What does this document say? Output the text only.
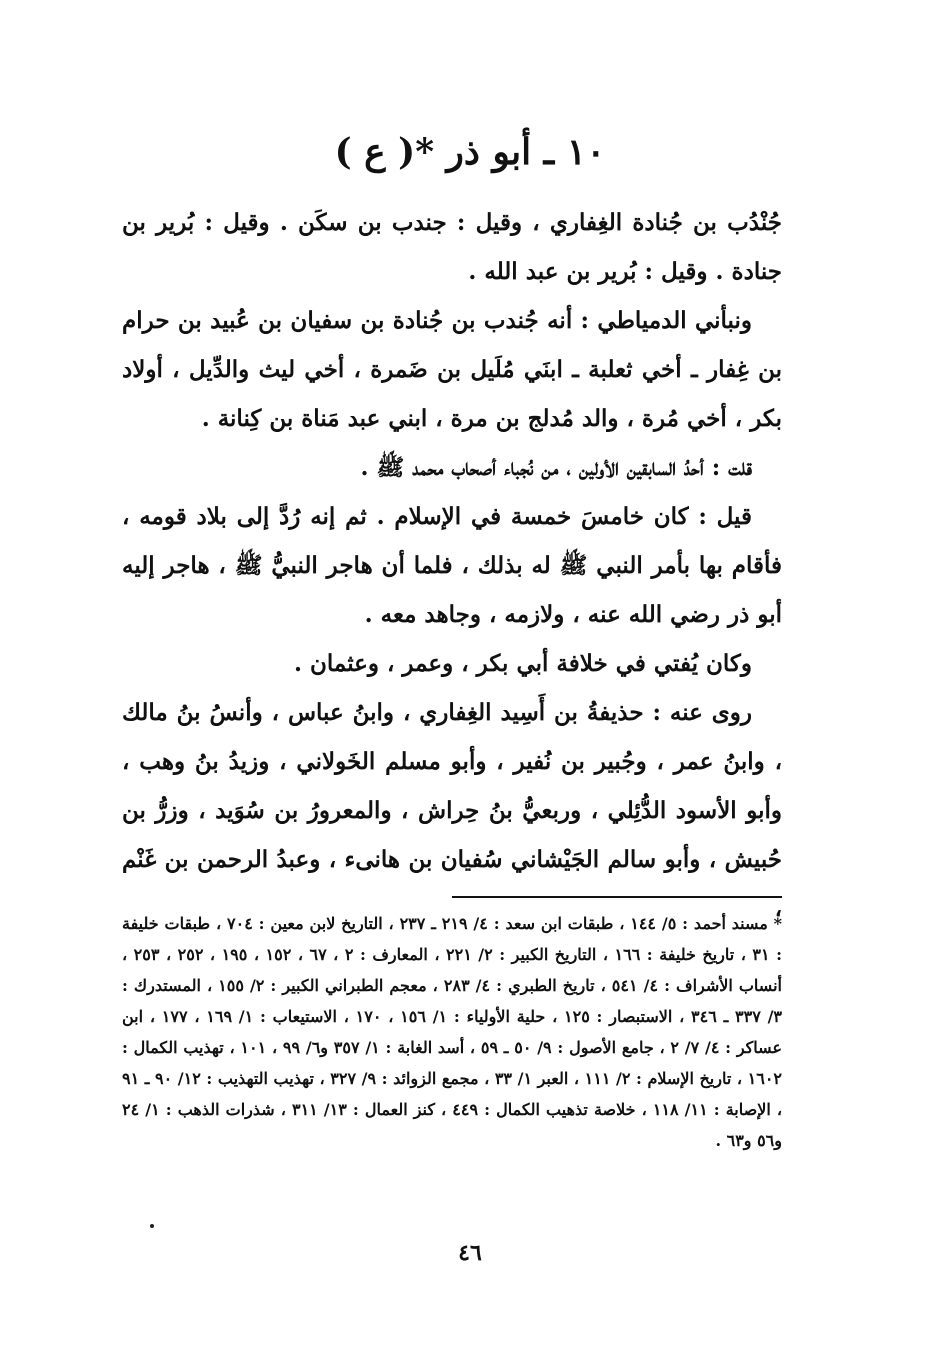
١٠ ـ أبو ذر *( ع )

جُنْدُب بن جُنادة الغِفاري ، وقيل : جندب بن سكَن . وقيل : بُرير بن جنادة . وقيل : بُرير بن عبد الله .

ونبأني الدمياطي : أنه جُندب بن جُنادة بن سفيان بن عُبيد بن حرام بن غِفار ـ أخي ثعلبة ـ ابنَي مُلَيل بن ضَمرة ، أخي ليث والدِّيل ، أولاد بكر ، أخي مُرة ، والد مُدلج بن مرة ، ابني عبد مَناة بن كِنانة .

قلت : أحدُ السابقين الأولين ، من نُجباء أصحاب محمد ﷺ .

قيل : كان خامسَ خمسة في الإسلام . ثم إنه رُدَّ إلى بلاد قومه ، فأقام بها بأمر النبي ﷺ له بذلك ، فلما أن هاجر النبيُّ ﷺ ، هاجر إليه أبو ذر رضي الله عنه ، ولازمه ، وجاهد معه .

وكان يُفتي في خلافة أبي بكر ، وعمر ، وعثمان .

روى عنه : حذيفةُ بن أَسِيد الغِفاري ، وابنُ عباس ، وأنسُ بنُ مالك ، وابنُ عمر ، وجُبير بن نُفير ، وأبو مسلم الخَولاني ، وزيدُ بنُ وهب ، وأبو الأسود الدُّئِلي ، وربعيُّ بنُ حِراش ، والمعرورُ بن سُوَيد ، وزرُّ بن حُبيش ، وأبو سالم الجَيْشاني سُفيان بن هانىء ، وعبدُ الرحمن بن غَنْم ،

* مسند أحمد : ٥/ ١٤٤ ، طبقات ابن سعد : ٤/ ٢١٩ ـ ٢٣٧ ، التاريخ لابن معين : ٧٠٤ ، طبقات خليفة : ٣١ ، تاريخ خليفة : ١٦٦ ، التاريخ الكبير : ٢/ ٢٢١ ، المعارف : ٢ ، ٦٧ ، ١٥٢ ، ١٩٥ ، ٢٥٢ ، ٢٥٣ ، أنساب الأشراف : ٤/ ٥٤١ ، تاريخ الطبري : ٤/ ٢٨٣ ، معجم الطبراني الكبير : ٢/ ١٥٥ ، المستدرك : ٣/ ٣٣٧ ـ ٣٤٦ ، الاستبصار : ١٢٥ ، حلية الأولياء : ١/ ١٥٦ ، ١٧٠ ، الاستيعاب : ١/ ١٦٩ ، ١٧٧ ، ابن عساكر : ٤/ ٧/ ٢ ، جامع الأصول : ٩/ ٥٠ ـ ٥٩ ، أسد الغابة : ١/ ٣٥٧ و٦/ ٩٩ ، ١٠١ ، تهذيب الكمال : ١٦٠٢ ، تاريخ الإسلام : ٢/ ١١١ ، العبر ١/ ٣٣ ، مجمع الزوائد : ٩/ ٣٢٧ ، تهذيب التهذيب : ١٢/ ٩٠ ـ ٩١ ، الإصابة : ١١/ ١١٨ ، خلاصة تذهيب الكمال : ٤٤٩ ، كنز العمال : ١٣/ ٣١١ ، شذرات الذهب : ١/ ٢٤ و٥٦ و٦٣ .

٤٦
